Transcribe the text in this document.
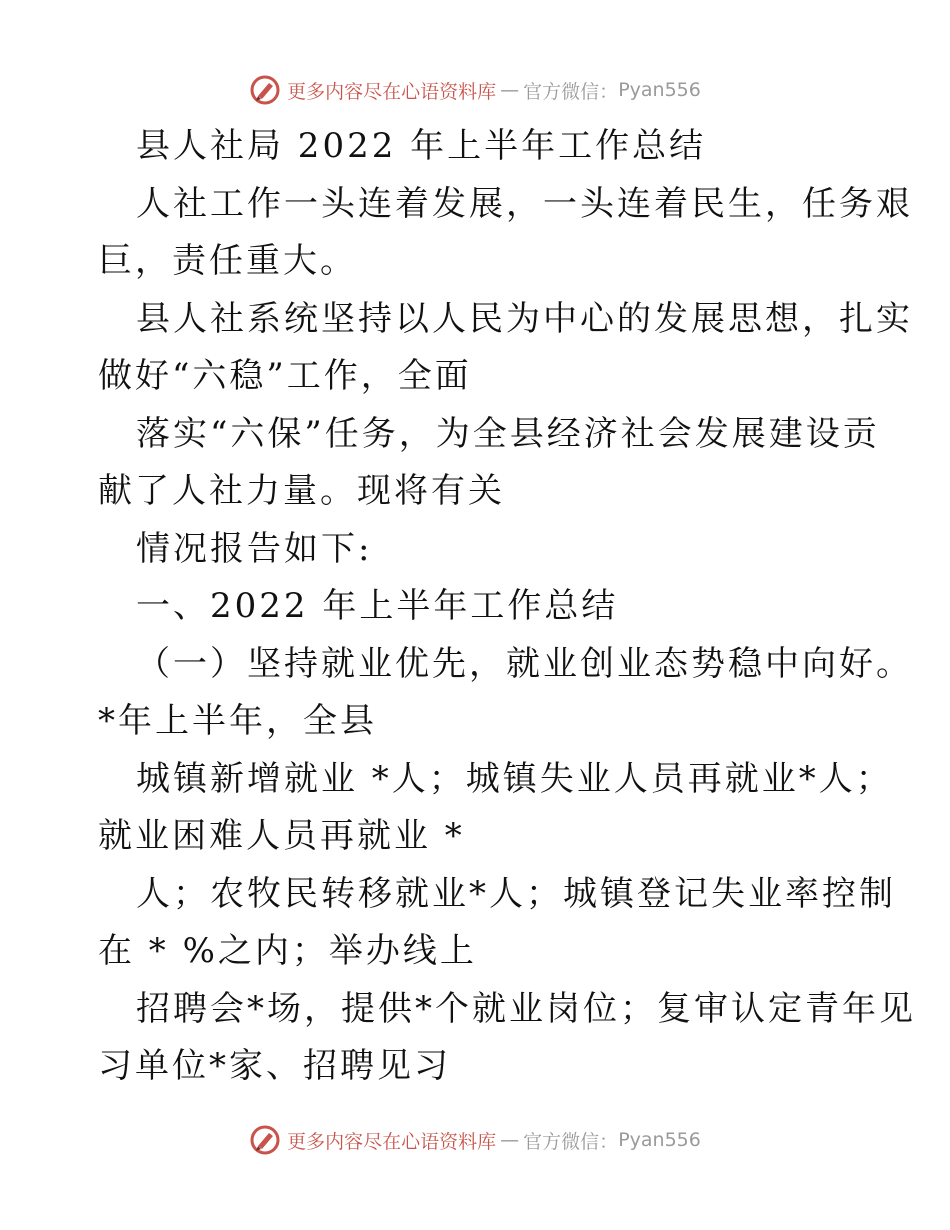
更多内容尽在心语资料库 — 官方微信： Pyan556

县人社局 2022 年上半年工作总结

人社工作一头连着发展，一头连着民生，任务艰

巨，责任重大。

县人社系统坚持以人民为中心的发展思想，扎实

做好“六稳”工作，全面

落实“六保”任务，为全县经济社会发展建设贡

献了人社力量。现将有关

情况报告如下:

一、2022 年上半年工作总结

（一）坚持就业优先，就业创业态势稳中向好。

*年上半年，全县

城镇新增就业 *人；城镇失业人员再就业*人；

就业困难人员再就业 *

人；农牧民转移就业*人；城镇登记失业率控制

在 * %之内；举办线上

招聘会*场，提供*个就业岗位；复审认定青年见

习单位*家、招聘见习

更多内容尽在心语资料库 — 官方微信： Pyan556
